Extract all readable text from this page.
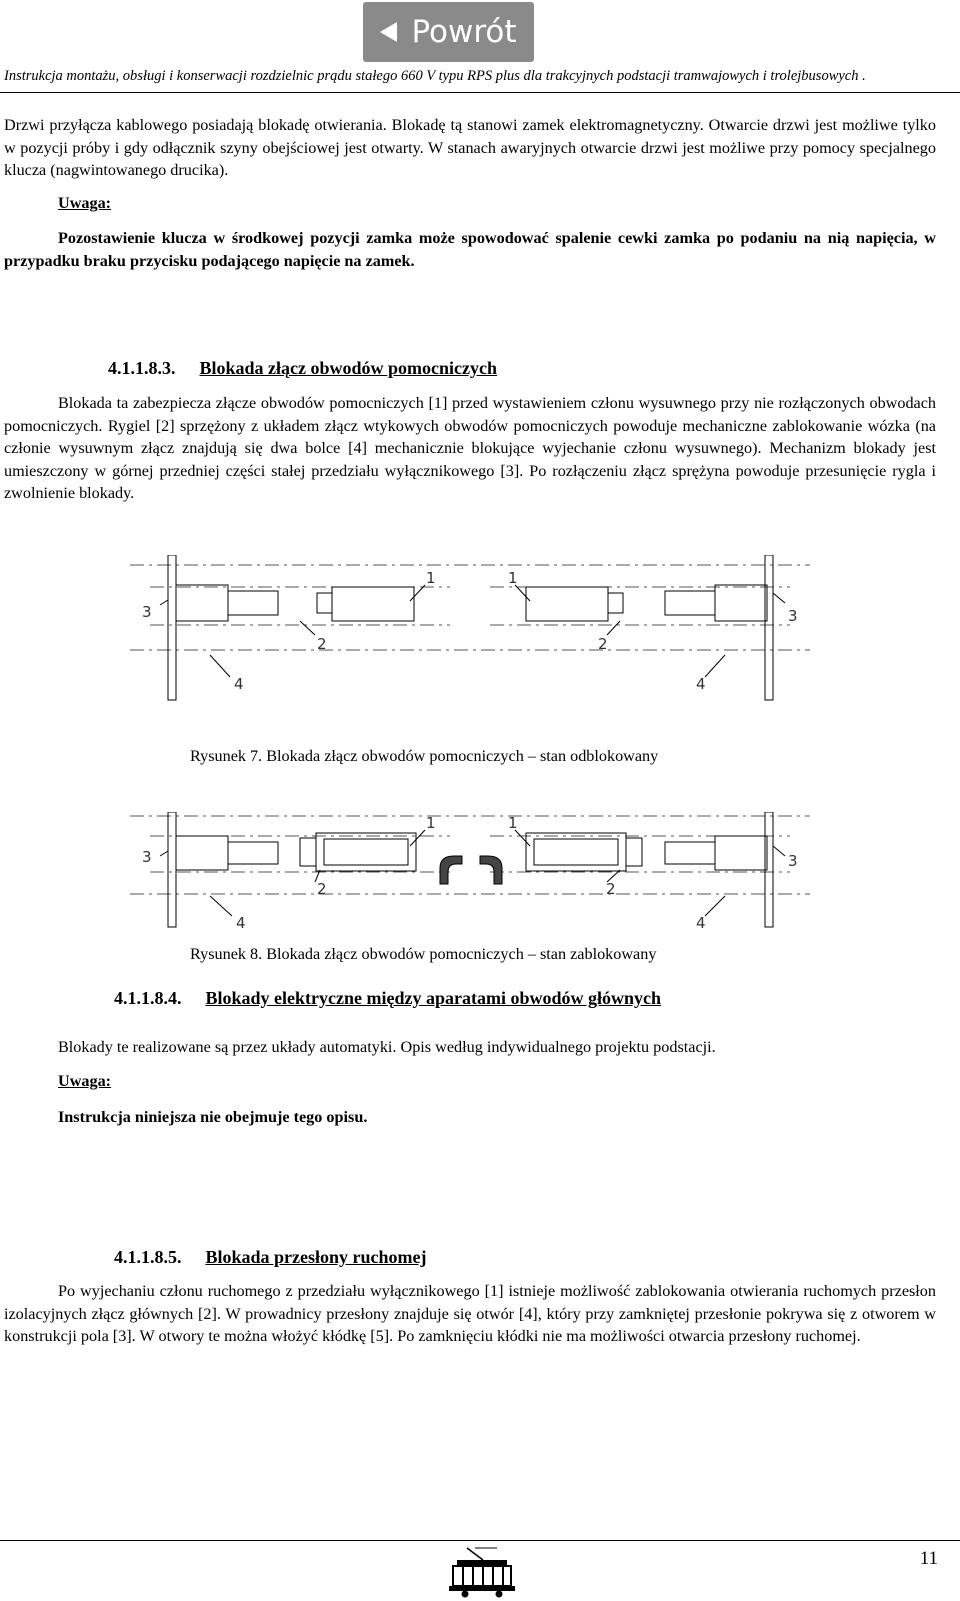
Powrót
Instrukcja montażu, obsługi i konserwacji rozdzielnic prądu stałego 660 V typu RPS plus dla trakcyjnych podstacji tramwajowych i trolejbusowych .
Drzwi przyłącza kablowego posiadają blokadę otwierania. Blokadę tą stanowi zamek elektromagnetyczny. Otwarcie drzwi jest możliwe tylko w pozycji próby i gdy odłącznik szyny obejściowej jest otwarty. W stanach awaryjnych otwarcie drzwi jest możliwe przy pomocy specjalnego klucza (nagwintowanego drucika).
Uwaga:
Pozostawienie klucza w środkowej pozycji zamka może spowodować spalenie cewki zamka po podaniu na nią napięcia, w przypadku braku przycisku podającego napięcie na zamek.
4.1.1.8.3. Blokada złącz obwodów pomocniczych
Blokada ta zabezpiecza złącze obwodów pomocniczych [1] przed wystawieniem członu wysuwnego przy nie rozłączonych obwodach pomocniczych. Rygiel [2] sprzężony z układem złącz wtykowych obwodów pomocniczych powoduje mechaniczne zablokowanie wózka (na członie wysuwnym złącz znajdują się dwa bolce [4] mechanicznie blokujące wyjechanie członu wysuwnego). Mechanizm blokady jest umieszczony w górnej przedniej części stałej przedziału wyłącznikowego [3]. Po rozłączeniu złącz sprężyna powoduje przesunięcie rygla i zwolnienie blokady.
3	3
1	1
2	2
4	4
Rysunek 7. Blokada złącz obwodów pomocniczych – stan odblokowany
3	3
1	1
2	2
4	4
Rysunek 8. Blokada złącz obwodów pomocniczych – stan zablokowany
4.1.1.8.4. Blokady elektryczne między aparatami obwodów głównych
Blokady te realizowane są przez układy automatyki. Opis według indywidualnego projektu podstacji.
Uwaga:
Instrukcja niniejsza nie obejmuje tego opisu.
4.1.1.8.5. Blokada przesłony ruchomej
Po wyjechaniu członu ruchomego z przedziału wyłącznikowego [1] istnieje możliwość zablokowania otwierania ruchomych przesłon izolacyjnych złącz głównych [2]. W prowadnicy przesłony znajduje się otwór [4], który przy zamkniętej przesłonie pokrywa się z otworem w konstrukcji pola [3]. W otwory te można włożyć kłódkę [5]. Po zamknięciu kłódki nie ma możliwości otwarcia przesłony ruchomej.
11
